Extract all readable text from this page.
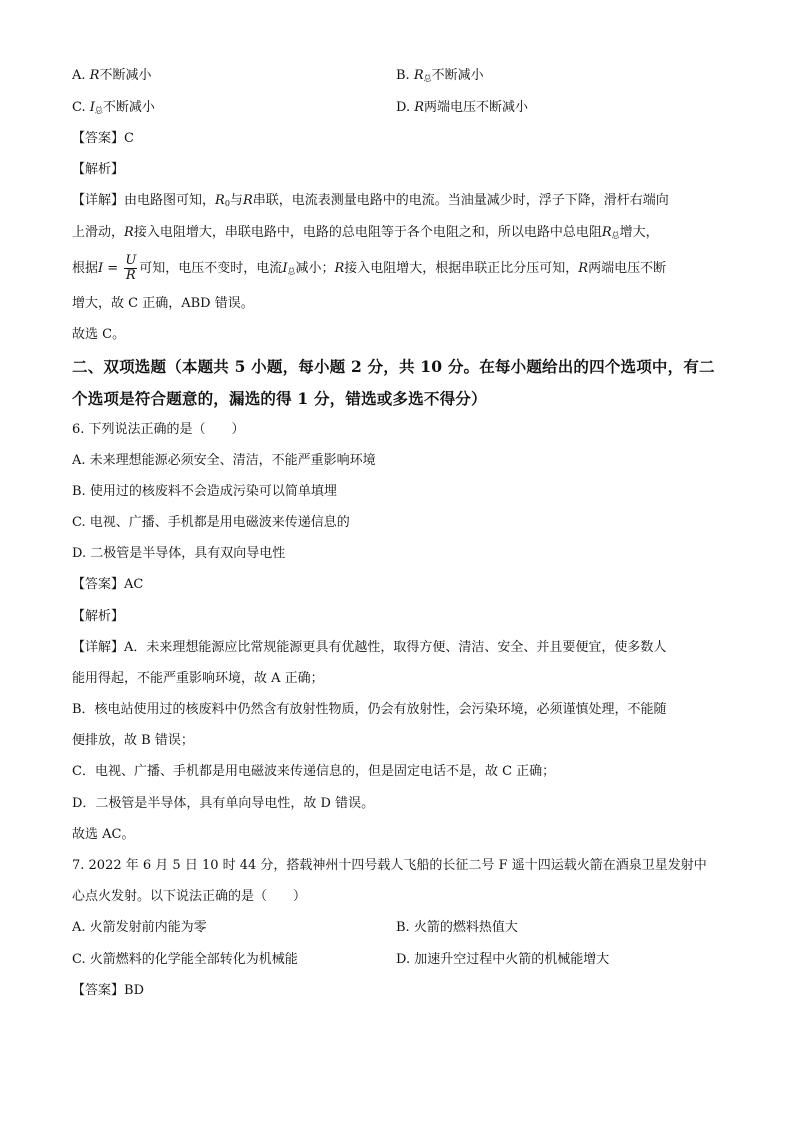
A. R不断减小	B. $R_总$不断减小
C. $I_总$不断减小	D. R两端电压不断减小
【答案】C
【解析】
【详解】由电路图可知，$R_0$与R串联，电流表测量电路中的电流。当油量减少时，浮子下降，滑杆右端向
上滑动，R接入电阻增大，串联电路中，电路的总电阻等于各个电阻之和，所以电路中总电阻$R_总$增大，
根据$I = \frac{U}{R}$ 可知，电压不变时，电流$I_总$减小；R接入电阻增大，根据串联正比分压可知，R两端电压不断
增大，故 C 正确，ABD 错误。
故选 C。
二、双项选题（本题共 5 小题，每小题 2 分，共 10 分。在每小题给出的四个选项中，有二
个选项是符合题意的，漏选的得 1 分，错选或多选不得分）
6. 下列说法正确的是（　　）
A. 未来理想能源必须安全、清洁，不能严重影响环境
B. 使用过的核废料不会造成污染可以简单填埋
C. 电视、广播、手机都是用电磁波来传递信息的
D. 二极管是半导体，具有双向导电性
【答案】AC
【解析】
【详解】A．未来理想能源应比常规能源更具有优越性，取得方便、清洁、安全、并且要便宜，使多数人
能用得起，不能严重影响环境，故 A 正确；
B．核电站使用过的核废料中仍然含有放射性物质，仍会有放射性，会污染环境，必须谨慎处理，不能随
便排放，故 B 错误；
C．电视、广播、手机都是用电磁波来传递信息的，但是固定电话不是，故 C 正确；
D．二极管是半导体，具有单向导电性，故 D 错误。
故选 AC。
7. 2022 年 6 月 5 日 10 时 44 分，搭载神州十四号载人飞船的长征二号 F 遥十四运载火箭在酒泉卫星发射中
心点火发射。以下说法正确的是（　　）
A. 火箭发射前内能为零	B. 火箭的燃料热值大
C. 火箭燃料的化学能全部转化为机械能	D. 加速升空过程中火箭的机械能增大
【答案】BD
